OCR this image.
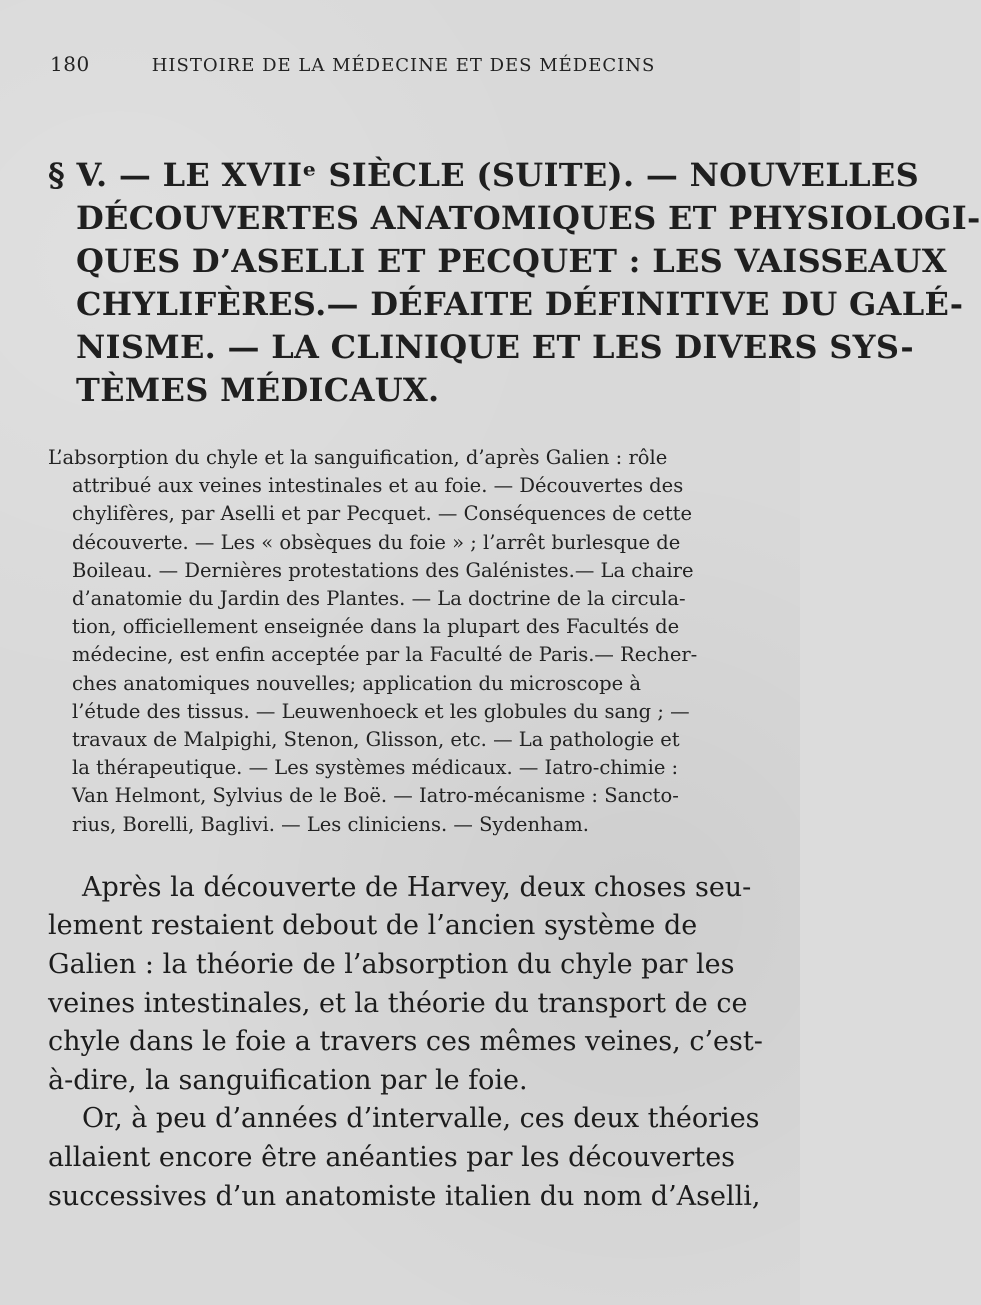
180	HISTOIRE DE LA MÉDECINE ET DES MÉDECINS
§ V. — LE XVIIᵉ SIÈCLE (SUITE). — NOUVELLES
DÉCOUVERTES ANATOMIQUES ET PHYSIOLOGI-
QUES D’ASELLI ET PECQUET : LES VAISSEAUX
CHYLIFÈRES.— DÉFAITE DÉFINITIVE DU GALÉ-
NISME. — LA CLINIQUE ET LES DIVERS SYS-
TÈMES MÉDICAUX.
L’absorption du chyle et la sanguification, d’après Galien : rôle
attribué aux veines intestinales et au foie. — Découvertes des
chylifères, par Aselli et par Pecquet. — Conséquences de cette
découverte. — Les « obsèques du foie » ; l’arrêt burlesque de
Boileau. — Dernières protestations des Galénistes.— La chaire
d’anatomie du Jardin des Plantes. — La doctrine de la circula-
tion, officiellement enseignée dans la plupart des Facultés de
médecine, est enfin acceptée par la Faculté de Paris.— Recher-
ches anatomiques nouvelles; application du microscope à
l’étude des tissus. — Leuwenhoeck et les globules du sang ; —
travaux de Malpighi, Stenon, Glisson, etc. — La pathologie et
la thérapeutique. — Les systèmes médicaux. — Iatro-chimie :
Van Helmont, Sylvius de le Boë. — Iatro-mécanisme : Sancto-
rius, Borelli, Baglivi. — Les cliniciens. — Sydenham.

Après la découverte de Harvey, deux choses seu-
lement restaient debout de l’ancien système de
Galien : la théorie de l’absorption du chyle par les
veines intestinales, et la théorie du transport de ce
chyle dans le foie a travers ces mêmes veines, c’est-
à-dire, la sanguification par le foie.

Or, à peu d’années d’intervalle, ces deux théories
allaient encore être anéanties par les découvertes
successives d’un anatomiste italien du nom d’Aselli,
